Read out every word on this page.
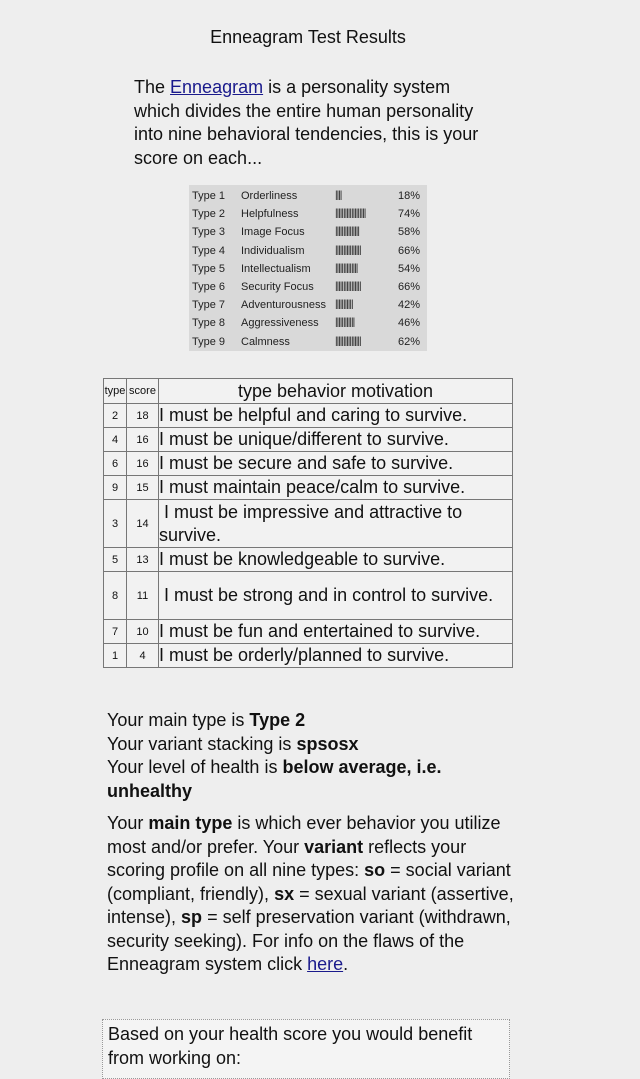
Enneagram Test Results
The Enneagram is a personality system which divides the entire human personality into nine behavioral tendencies, this is your score on each...
Type 1 Orderliness	||||	18%
Type 2 Helpfulness	|||||||||||||||||||	74%
Type 3 Image Focus	|||||||||||||||	58%
Type 4 Individualism	||||||||||||||||	66%
Type 5 Intellectualism ||||||||||||||	54%
Type 6 Security Focus ||||||||||||||||	66%
Type 7 Adventurousness |||||||||||	42%
Type 8 Aggressiveness ||||||||||||	46%
Type 9 Calmness	||||||||||||||||	62%
type	score	type behavior motivation
2	18	I must be helpful and caring to survive.
4	16	I must be unique/different to survive.
6	16	I must be secure and safe to survive.
9	15	I must maintain peace/calm to survive.
3	14	I must be impressive and attractive to survive.
5	13	I must be knowledgeable to survive.
8	11	I must be strong and in control to survive.
7	10	I must be fun and entertained to survive.
1	4	I must be orderly/planned to survive.
Your main type is Type 2
Your variant stacking is spsosx
Your level of health is below average, i.e. unhealthy
Your main type is which ever behavior you utilize most and/or prefer. Your variant reflects your scoring profile on all nine types: so = social variant (compliant, friendly), sx = sexual variant (assertive, intense), sp = self preservation variant (withdrawn, security seeking). For info on the flaws of the Enneagram system click here.
Based on your health score you would benefit from working on:
